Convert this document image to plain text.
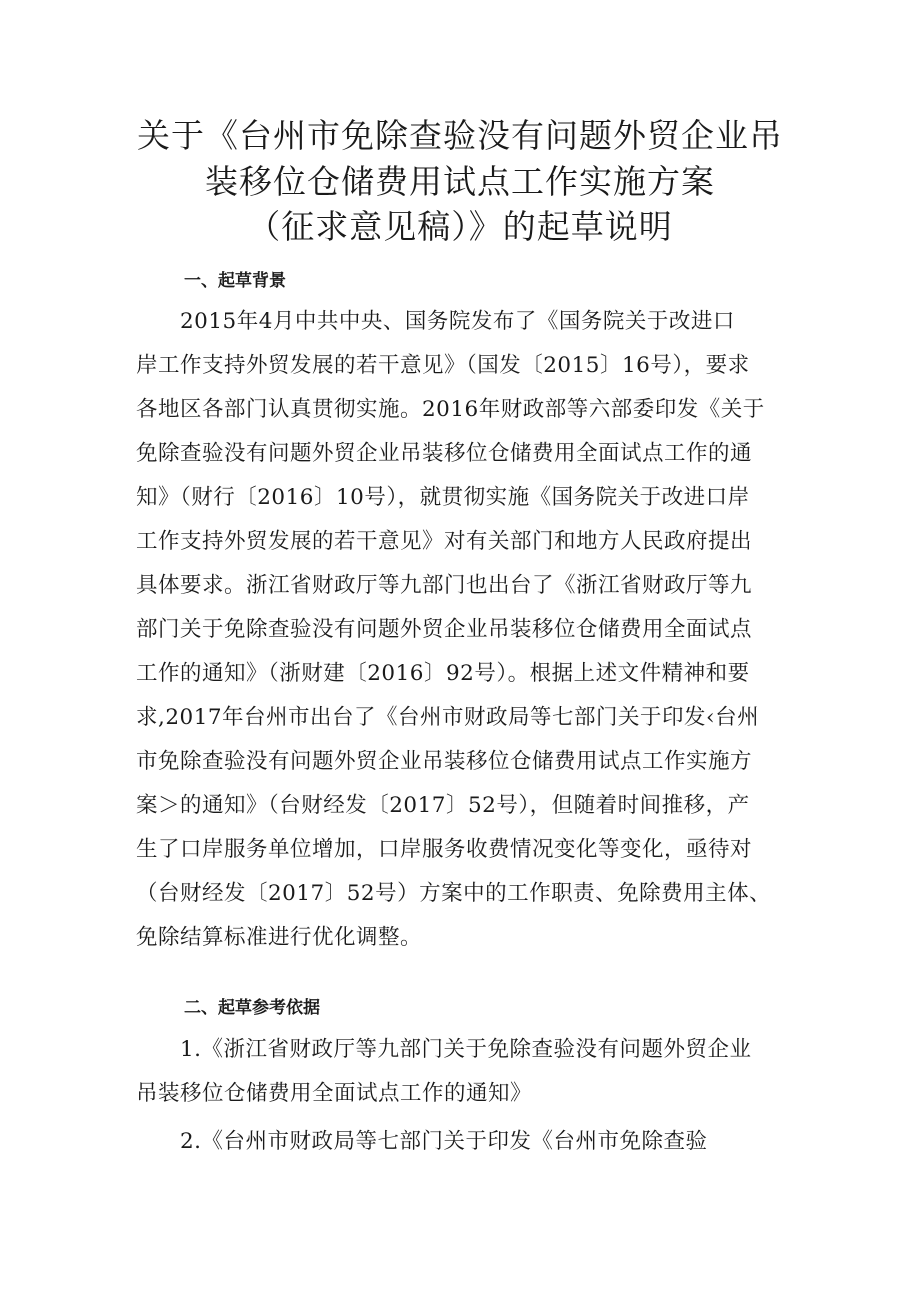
关于《台州市免除查验没有问题外贸企业吊
装移位仓储费用试点工作实施方案
（征求意见稿）》的起草说明
一、起草背景
2015年4月中共中央、国务院发布了《国务院关于改进口
岸工作支持外贸发展的若干意见》（国发〔2015〕16号），要求
各地区各部门认真贯彻实施。2016年财政部等六部委印发《关于
免除查验没有问题外贸企业吊装移位仓储费用全面试点工作的通
知》（财行〔2016〕10号），就贯彻实施《国务院关于改进口岸
工作支持外贸发展的若干意见》对有关部门和地方人民政府提出
具体要求。浙江省财政厅等九部门也出台了《浙江省财政厅等九
部门关于免除查验没有问题外贸企业吊装移位仓储费用全面试点
工作的通知》（浙财建〔2016〕92号）。根据上述文件精神和要
求,2017年台州市出台了《台州市财政局等七部门关于印发‹台州
市免除查验没有问题外贸企业吊装移位仓储费用试点工作实施方
案＞的通知》（台财经发〔2017〕52号），但随着时间推移，产
生了口岸服务单位增加，口岸服务收费情况变化等变化，亟待对
（台财经发〔2017〕52号）方案中的工作职责、免除费用主体、
免除结算标准进行优化调整。
二、起草参考依据
1.《浙江省财政厅等九部门关于免除查验没有问题外贸企业
吊装移位仓储费用全面试点工作的通知》
2.《台州市财政局等七部门关于印发《台州市免除查验
